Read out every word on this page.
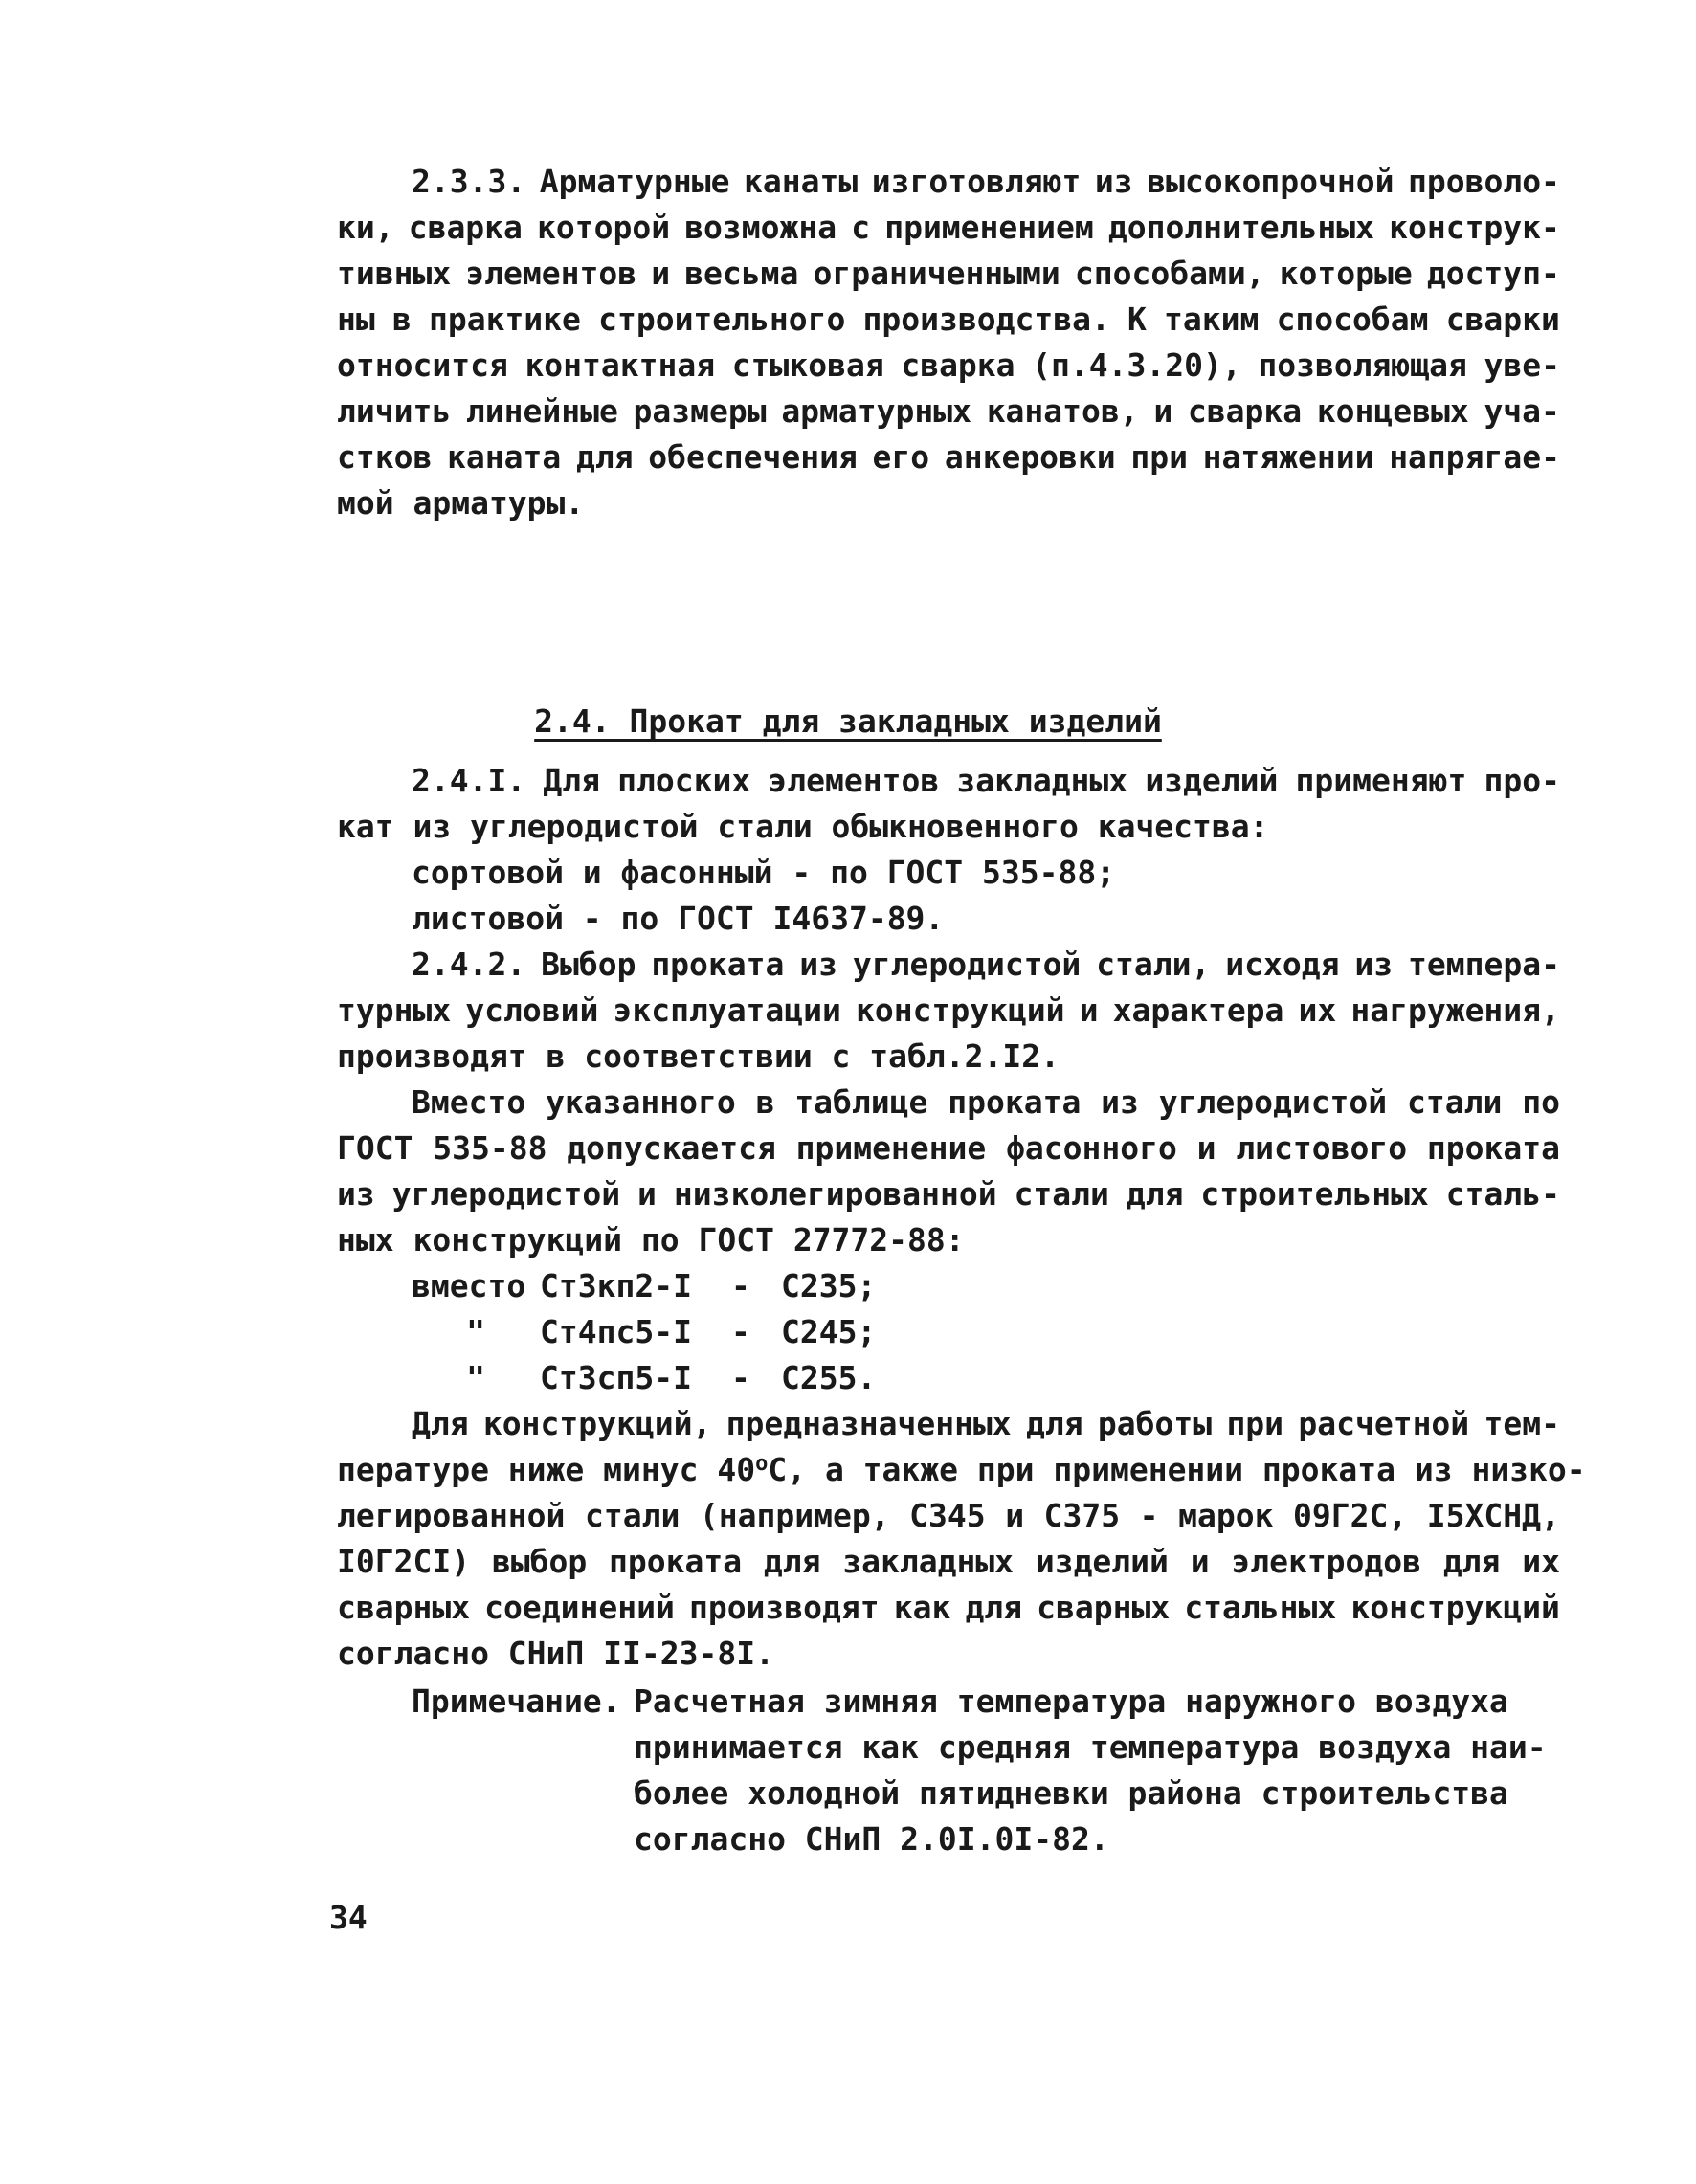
2.3.3. Арматурные канаты изготовляют из высокопрочной проволо-
ки, сварка которой возможна с применением дополнительных конструк-
тивных элементов и весьма ограниченными способами, которые доступ-
ны в практике строительного производства. К таким способам сварки
относится контактная стыковая сварка (п.4.3.20), позволяющая уве-
личить линейные размеры арматурных канатов, и сварка концевых уча-
стков каната для обеспечения его анкеровки при натяжении напрягае-
мой арматуры.
2.4. Прокат для закладных изделий
2.4.I. Для плоских элементов закладных изделий применяют про-
кат из углеродистой стали обыкновенного качества:
сортовой и фасонный - по ГОСТ 535-88;
листовой - по ГОСТ I4637-89.
2.4.2. Выбор проката из углеродистой стали, исходя из темпера-
турных условий эксплуатации конструкций и характера их нагружения,
производят в соответствии с табл.2.I2.
Вместо указанного в таблице проката из углеродистой стали по
ГОСТ 535-88 допускается применение фасонного и листового проката
из углеродистой и низколегированной стали для строительных сталь-
ных конструкций по ГОСТ 27772-88:
вместо Ст3кп2-I	- С235;
"	Ст4пс5-I	- С245;
"	Ст3сп5-I	- С255.
Для конструкций, предназначенных для работы при расчетной тем-
пературе ниже минус $40^оС$, а также при применении проката из низко-
легированной стали (например, С345 и С375 - марок 09Г2С, I5ХСНД,
I0Г2СI) выбор проката для закладных изделий и электродов для их
сварных соединений производят как для сварных стальных конструкций
согласно СНиП II-23-8I.
Примечание. Расчетная зимняя температура наружного воздуха
принимается как средняя температура воздуха наи-
более холодной пятидневки района строительства
согласно СНиП 2.0I.0I-82.
34
